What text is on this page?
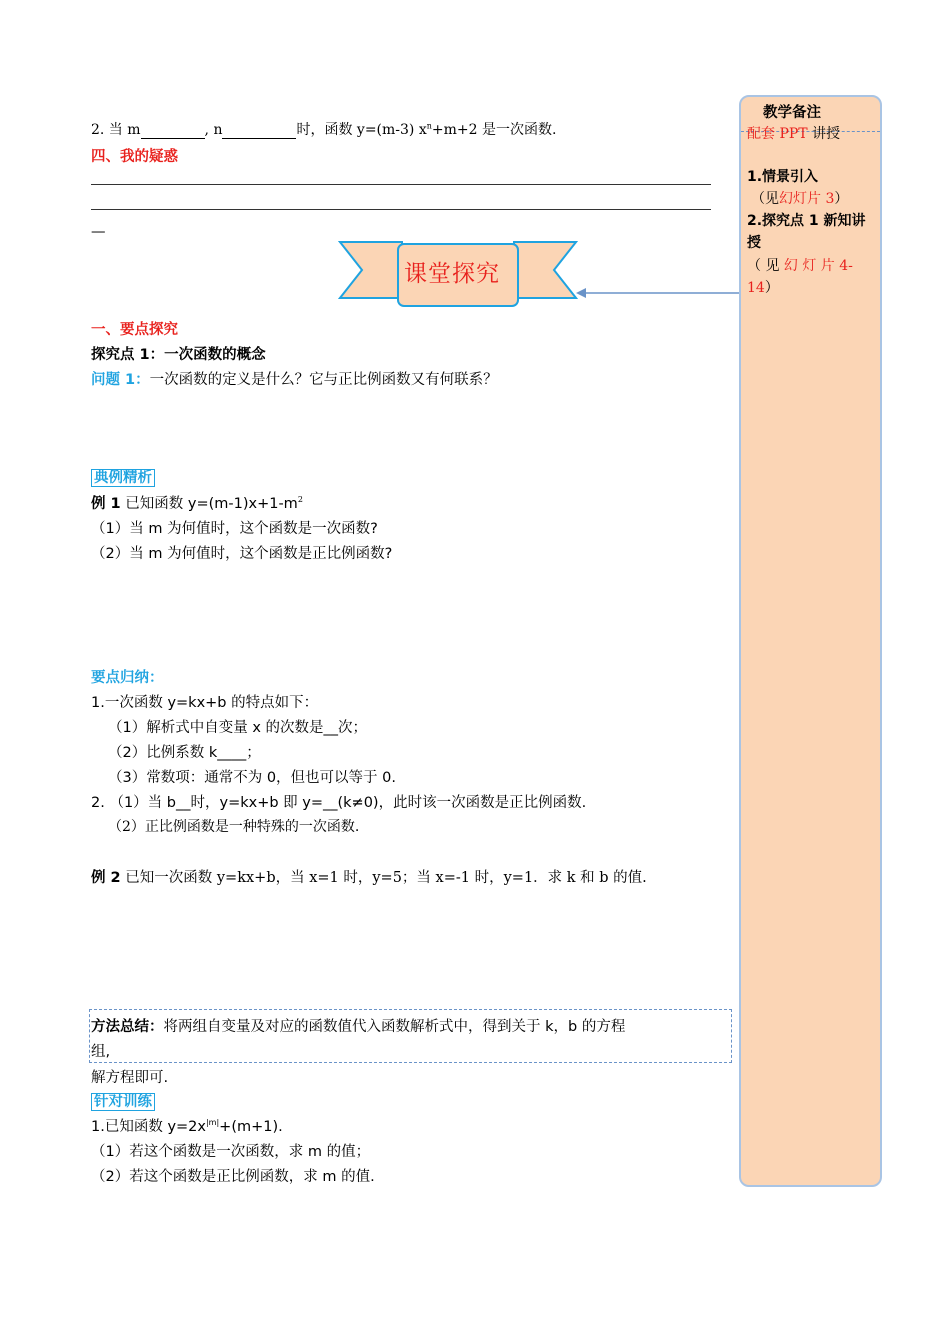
2. 当 m	, n	时，函数 y=(m-3) $x^n+m+2$ 是一次函数.
四、我的疑惑
—
课堂探究
一、要点探究
探究点 1：一次函数的概念
问题 1：一次函数的定义是什么？它与正比例函数又有何联系？
典例精析
例 1 已知函数 $y=(m-1)x+1-m^2$
（1）当 m 为何值时，这个函数是一次函数?
（2）当 m 为何值时，这个函数是正比例函数?
要点归纳：
1.一次函数 y=kx+b 的特点如下：
（1）解析式中自变量 x 的次数是__次；
（2）比例系数 k____；
（3）常数项：通常不为 0，但也可以等于 0.
2. （1）当 b__时，y=kx+b 即 y=__(k≠0)，此时该一次函数是正比例函数.
（2）正比例函数是一种特殊的一次函数.
例 2 已知一次函数 y=kx+b，当 x=1 时，y=5；当 x=-1 时，y=1．求 k 和 b 的值.
方法总结：将两组自变量及对应的函数值代入函数解析式中，得到关于 k，b 的方程
组,
解方程即可.
针对训练
1.已知函数 $y=2x^{|m|}+(m+1)$.
（1）若这个函数是一次函数，求 m 的值；
（2）若这个函数是正比例函数，求 m 的值.
教学备注
配套 PPT 讲授
1.情景引入
（见幻灯片 3）
2.探究点 1 新知讲
授
（ 见 幻 灯 片 4-
14）
